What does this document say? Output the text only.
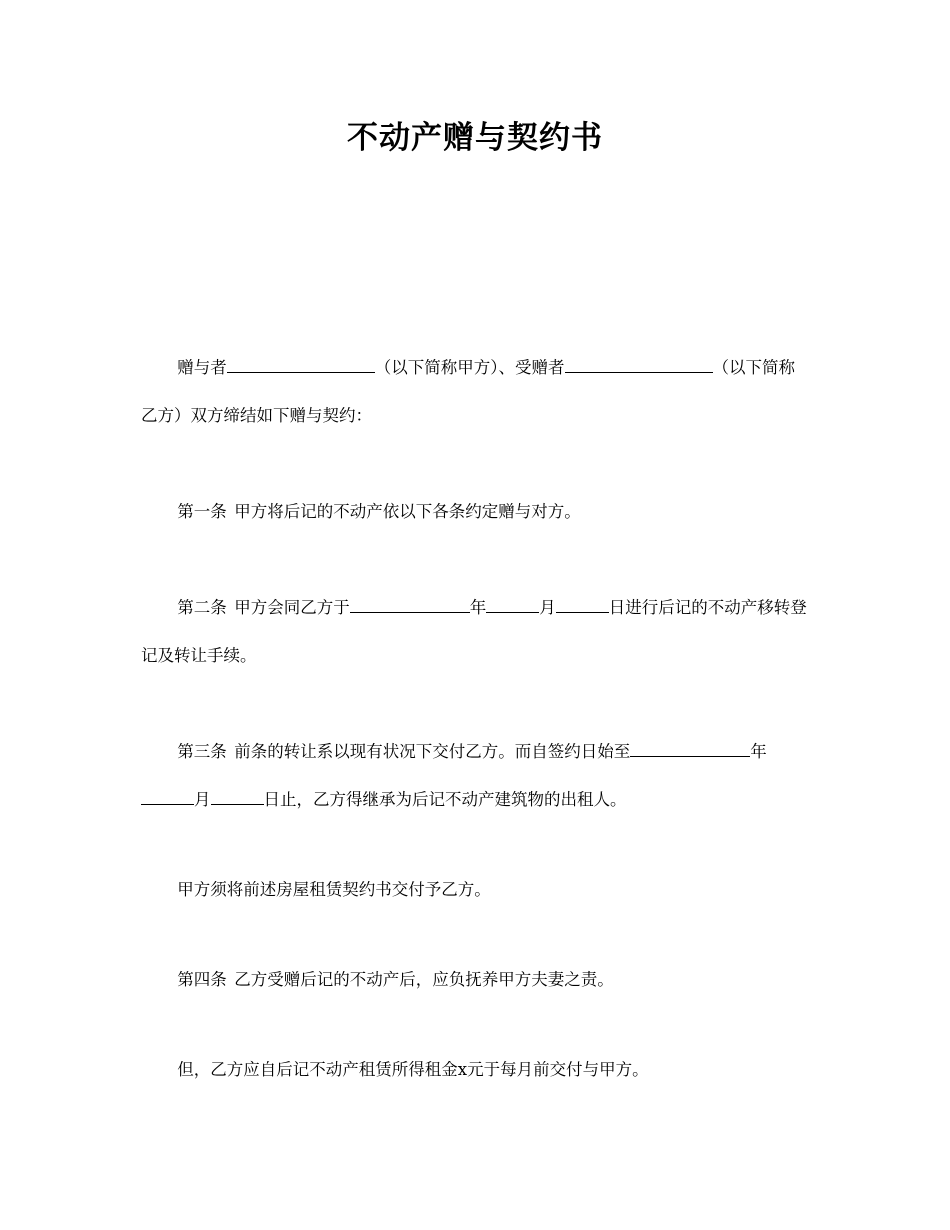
不动产赠与契约书

赠与者	（以下简称甲方）、受赠者	（以下简称乙方）双方缔结如下赠与契约：

第一条 甲方将后记的不动产依以下各条约定赠与对方。

第二条 甲方会同乙方于	年	月	日进行后记的不动产移转登记及转让手续。

第三条 前条的转让系以现有状况下交付乙方。而自签约日始至	年月	日止，乙方得继承为后记不动产建筑物的出租人。

甲方须将前述房屋租赁契约书交付予乙方。

第四条 乙方受赠后记的不动产后，应负抚养甲方夫妻之责。

但，乙方应自后记不动产租赁所得租金x元于每月前交付与甲方。
